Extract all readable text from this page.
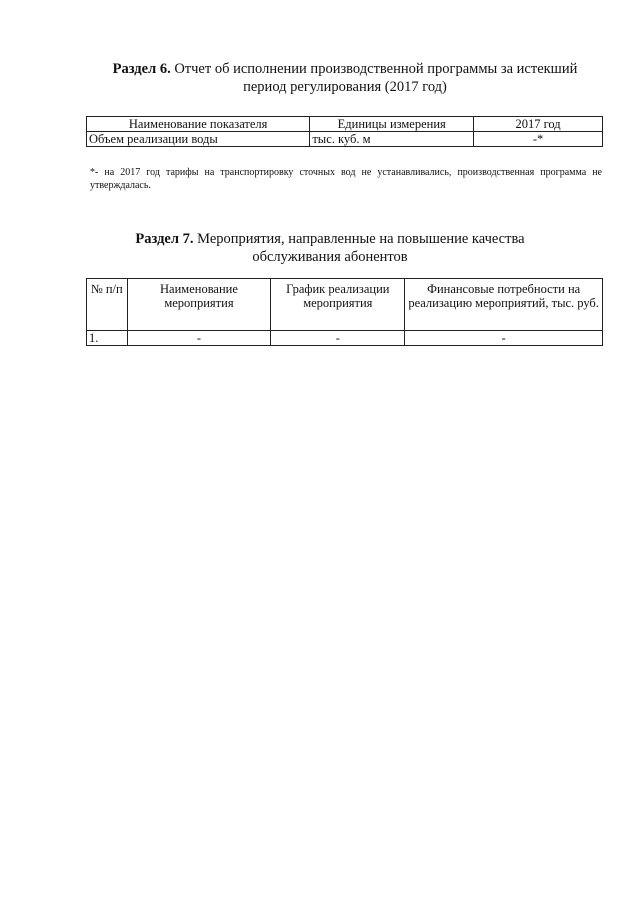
Раздел 6. Отчет об исполнении производственной программы за истекший период регулирования (2017 год)
Наименование показателя	Единицы измерения	2017 год
Объем реализации воды	тыс. куб. м	-*
*- на 2017 год тарифы на транспортировку сточных вод не устанавливались, производственная программа не утверждалась.
Раздел 7. Мероприятия, направленные на повышение качества обслуживания абонентов
№ п/п	Наименование мероприятия	График реализации мероприятия	Финансовые потребности на реализацию мероприятий, тыс. руб.
1.	-	-	-
